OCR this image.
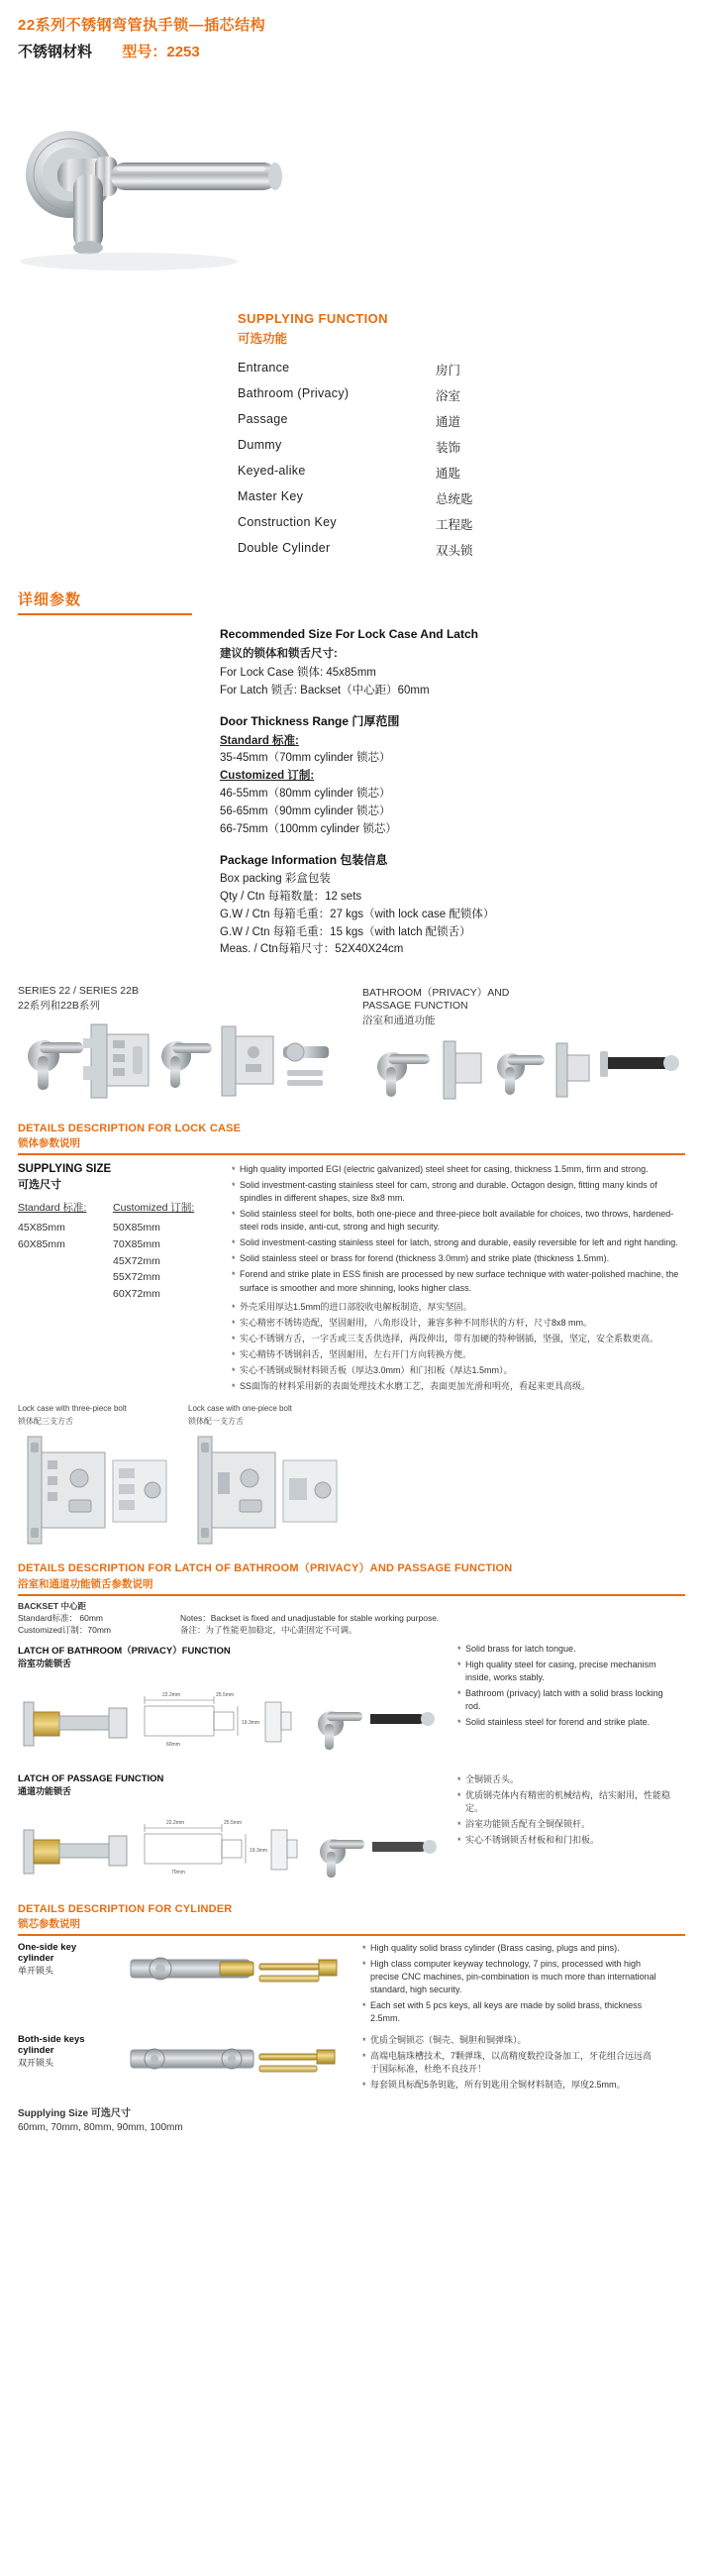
22系列不锈钢弯管执手锁—插芯结构
不锈钢材料 型号：2253
SUPPLYING FUNCTION
可选功能
Entrance	房门
Bathroom (Privacy)	浴室
Passage	通道
Dummy	装饰
Keyed-alike	通匙
Master Key	总统匙
Construction Key	工程匙
Double Cylinder	双头锁
详细参数
Recommended Size For Lock Case And Latch
建议的锁体和锁舌尺寸:
For Lock Case 锁体: 45x85mm
For Latch 锁舌: Backset（中心距）60mm
Door Thickness Range 门厚范围
Standard 标准:
35-45mm（70mm cylinder 锁芯）
Customized 订制:
46-55mm（80mm cylinder 锁芯）
56-65mm（90mm cylinder 锁芯）
66-75mm（100mm cylinder 锁芯）
Package Information 包装信息
Box packing 彩盒包装
Qty / Ctn 每箱数量：12 sets
G.W / Ctn 每箱毛重：27 kgs（with lock case 配锁体）
G.W / Ctn 每箱毛重：15 kgs（with latch 配锁舌）
Meas. / Ctn每箱尺寸：52X40X24cm
SERIES 22 / SERIES 22B
22系列和22B系列
BATHROOM（PRIVACY）AND
PASSAGE FUNCTION
浴室和通道功能
DETAILS DESCRIPTION FOR LOCK CASE
锁体参数说明
SUPPLYING SIZE
可选尺寸
Standard 标准:
45X85mm
60X85mm
Customized 订制:
50X85mm
70X85mm
45X72mm
55X72mm
60X72mm
* High quality imported EGI (electric galvanized) steel sheet for casing, thickness 1.5mm, firm and strong.
* Solid investment-casting stainless steel for cam, strong and durable. Octagon design, fitting many kinds of spindles in different shapes, size 8x8 mm.
* Solid stainless steel for bolts, both one-piece and three-piece bolt available for choices, two throws, hardened-steel rods inside, anti-cut, strong and high security.
* Solid investment-casting stainless steel for latch, strong and durable, easily reversible for left and right handing.
* Solid stainless steel or brass for forend (thickness 3.0mm) and strike plate (thickness 1.5mm).
* Forend and strike plate in ESS finish are processed by new surface technique with water-polished machine, the surface is smoother and more shinning, looks higher class.
* 外壳采用厚达1.5mm的进口部胶收电解板制造，厚实坚固。
* 实心精密不锈铸造配，坚固耐用，八角形设计，兼容多种不同形状的方杆，尺寸8x8 mm。
* 实心不锈钢方舌，一字舌或三支舌供选择，两段伸出，带有加硬的特种钢插，坚强，坚定，安全系数更高。
* 实心精铸不锈钢斜舌，坚固耐用，左右开门方向转换方便。
* 实心不锈钢或铜材料锁舌板（厚达3.0mm）和门扣板（厚达1.5mm）。
* SS面饰的材料采用新的表面处理技术水磨工艺，表面更加光滑和明亮，看起来更具高级。
Lock case with three-piece bolt
锁体配三支方舌
Lock case with one-piece bolt
锁体配一支方舌
DETAILS DESCRIPTION FOR LATCH OF BATHROOM（PRIVACY）AND PASSAGE FUNCTION
浴室和通道功能锁舌参数说明
BACKSET 中心距
Standard标准： 60mm
Customized订制：70mm
Notes：Backset is fixed and unadjustable for stable working purpose.
备注：为了性能更加稳定，中心距固定不可调。
LATCH OF BATHROOM（PRIVACY）FUNCTION
浴室功能锁舌
22.2mm	25.5mm
60mm
19.3mm
* Solid brass for latch tongue.
* High quality steel for casing, precise mechanism inside, works stably.
* Bathroom (privacy) latch with a solid brass locking rod.
* Solid stainless steel for forend and strike plate.
LATCH OF PASSAGE FUNCTION
通道功能锁舌
22.2mm	25.5mm
70mm
19.3mm
* 全铜锁舌头。
* 优质钢壳体内有精密的机械结构，结实耐用，性能稳定。
* 浴室功能锁舌配有全铜保锁杆。
* 实心不锈钢锁舌材板和和门扣板。
DETAILS DESCRIPTION FOR CYLINDER
锁芯参数说明
One-side key cylinder
单开锁头
* High quality solid brass cylinder (Brass casing, plugs and pins).
* High class computer keyway technology, 7 pins, processed with high precise CNC machines, pin-combination is much more than international standard, high security.
* Each set with 5 pcs keys, all keys are made by solid brass, thickness 2.5mm.
Both-side keys cylinder
双开锁头
* 优质全铜锁芯（铜壳、铜胆和铜弹珠）。
* 高端电脑珠槽技术，7颗弹珠，以高精度数控设备加工，牙花组合远远高于国际标准，杜绝不良技开！
* 每套锁具标配5条钥匙，所有钥匙用全铜材料制造，厚度2.5mm。
Supplying Size 可选尺寸
60mm, 70mm, 80mm, 90mm, 100mm
